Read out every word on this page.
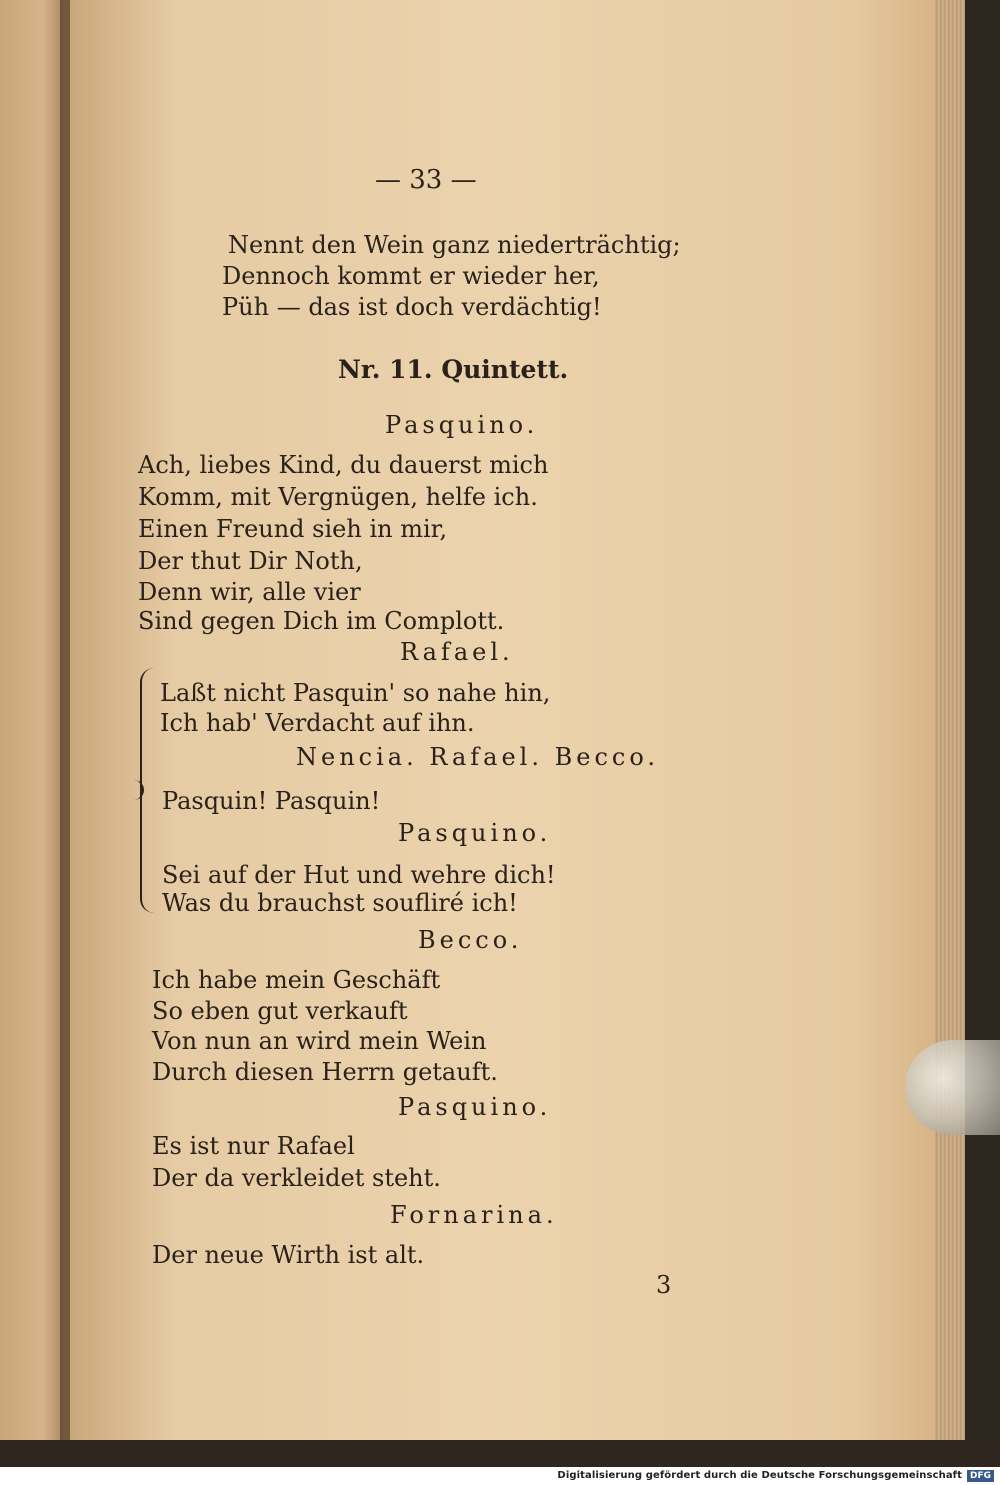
— 33 —
Nennt den Wein ganz niederträchtig;
Dennoch kommt er wieder her,
Püh — das ist doch verdächtig!
Nr. 11. Quintett.
Pasquino.
Ach, liebes Kind, du dauerst mich
Komm, mit Vergnügen, helfe ich.
Einen Freund sieh in mir,
Der thut Dir Noth,
Denn wir, alle vier
Sind gegen Dich im Complott.
Rafael.
Laßt nicht Pasquin' so nahe hin,
Ich hab' Verdacht auf ihn.
Nencia. Rafael. Becco.
Pasquin! Pasquin!
Pasquino.
Sei auf der Hut und wehre dich!
Was du brauchst soufliré ich!
Becco.
Ich habe mein Geschäft
So eben gut verkauft
Von nun an wird mein Wein
Durch diesen Herrn getauft.
Pasquino.
Es ist nur Rafael
Der da verkleidet steht.
Fornarina.
Der neue Wirth ist alt.
3
Digitalisierung gefördert durch die Deutsche Forschungsgemeinschaft DFG
